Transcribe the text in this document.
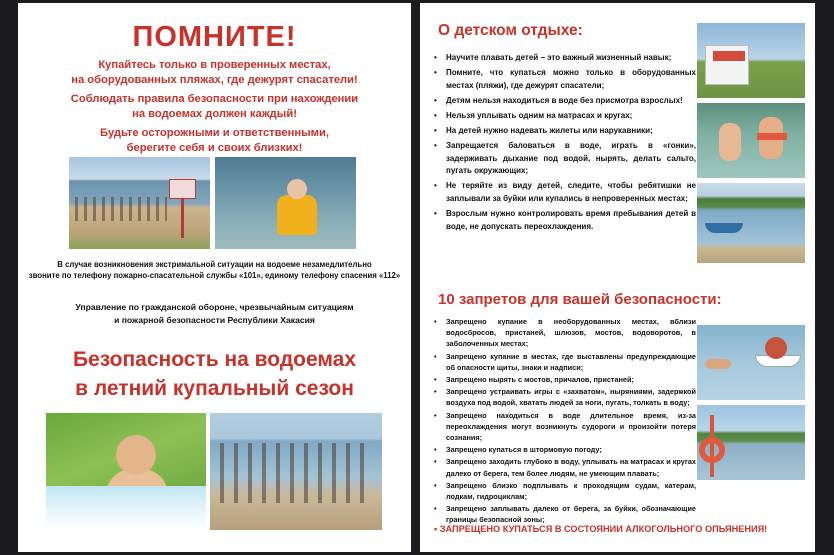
ПОМНИТЕ!
Купайтесь только в проверенных местах,
на оборудованных пляжах, где дежурят спасатели!
Соблюдать правила безопасности при нахождении
на водоемах должен каждый!
Будьте осторожными и ответственными,
берегите себя и своих близких!
В случае возникновения экстримальной ситуации на водоеме незамедлительно
звоните по телефону пожарно-спасательной службы «101», единому телефону спасения «112»
Управление по гражданской обороне, чрезвычайным ситуациям
и пожарной безопасности Республики Хакасия
Безопасность на водоемах
в летний купальный сезон
О детском отдыхе:
• Научите плавать детей – это важный жизненный навык;
• Помните, что купаться можно только в оборудованных местах (пляжи), где дежурят спасатели;
• Детям нельзя находиться в воде без присмотра взрослых!
• Нельзя уплывать одним на матрасах и кругах;
• На детей нужно надевать жилеты или нарукавники;
• Запрещается баловаться в воде, играть в «гонки», задерживать дыхание под водой, нырять, делать сальто, пугать окружающих;
• Не теряйте из виду детей, следите, чтобы ребятишки не заплывали за буйки или купались в непроверенных местах;
• Взрослым нужно контролировать время пребывания детей в воде, не допускать переохлаждения.
10 запретов для вашей безопасности:
• Запрещено купание в необорудованных местах, вблизи водосбросов, пристаней, шлюзов, мостов, водоворотов, в заболоченных местах;
• Запрещено купание в местах, где выставлены предупреждающие об опасности щиты, знаки и надписи;
• Запрещено нырять с мостов, причалов, пристаней;
• Запрещено устраивать игры с «захватом», ныряниями, задержкой воздуха под водой, хватать людей за ноги, пугать, толкать в воду;
• Запрещено находиться в воде длительное время, из-за переохлаждения могут возникнуть судороги и произойти потеря сознания;
• Запрещено купаться в штормовую погоду;
• Запрещено заходить глубоко в воду, уплывать на матрасах и кругах далеко от берега, тем более людям, не умеющим плавать;
• Запрещено близко подплывать к проходящим судам, катерам, лодкам, гидроциклам;
• Запрещено заплывать далеко от берега, за буйки, обозначающие границы безопасной зоны;
• ЗАПРЕЩЕНО КУПАТЬСЯ В СОСТОЯНИИ АЛКОГОЛЬНОГО ОПЬЯНЕНИЯ!
